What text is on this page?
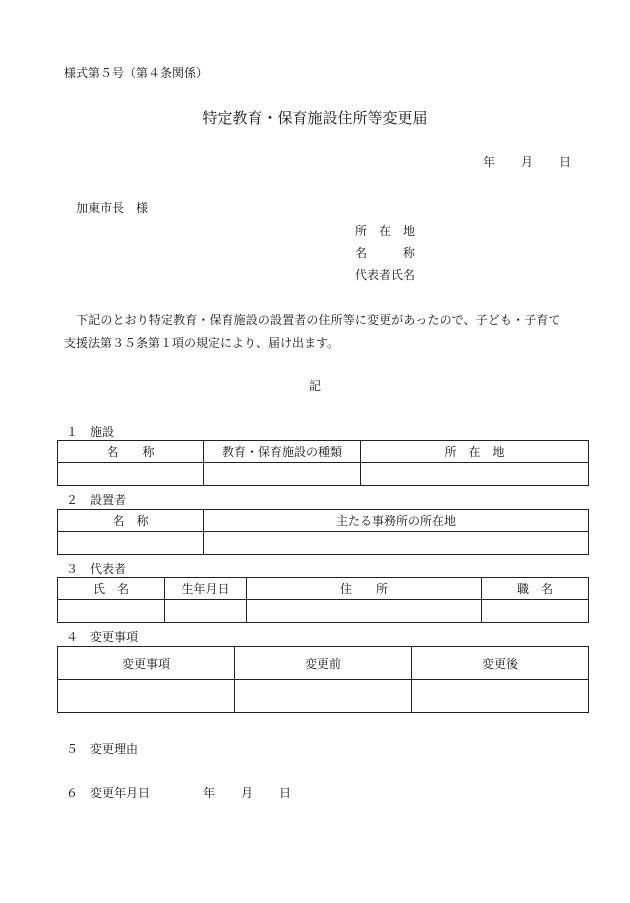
様式第５号（第４条関係）
特定教育・保育施設住所等変更届
年 月 日
加東市長　様
所　在　地
名　　　称
代表者氏名
　下記のとおり特定教育・保育施設の設置者の住所等に変更があったので、子ども・子育て
支援法第３５条第１項の規定により、届け出ます。
記
１　施設
名　　称	教育・保育施設の種類	所　在　地

２　設置者
名　称	主たる事務所の所在地

３　代表者
氏　名	生年月日	住　　所	職　名

４　変更事項
変更事項	変更前	変更後

５　変更理由
６　変更年月日	年 月 日
